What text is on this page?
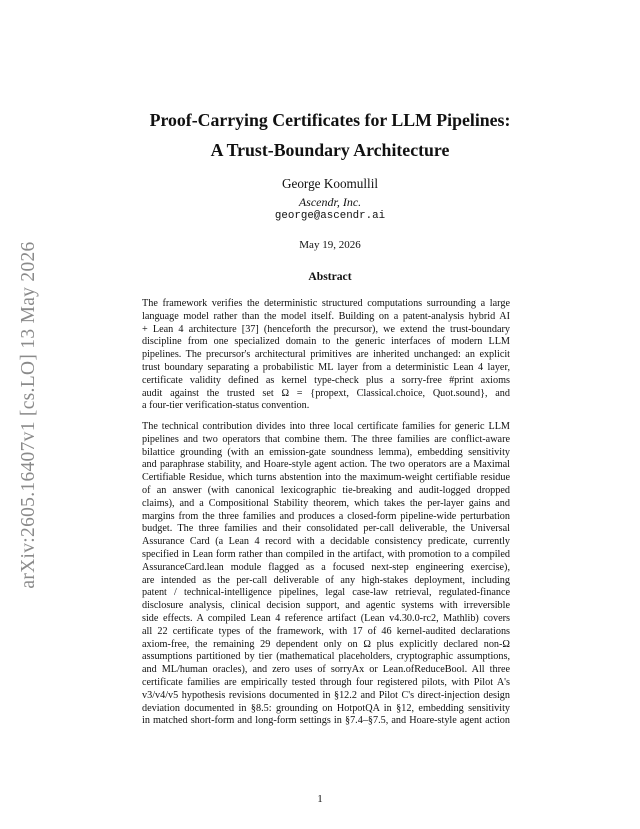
arXiv:2605.16407v1 [cs.LO] 13 May 2026
Proof-Carrying Certificates for LLM Pipelines:
A Trust-Boundary Architecture
George Koomullil
Ascendr, Inc.
george@ascendr.ai
May 19, 2026
Abstract
The framework verifies the deterministic structured computations surrounding a large
language model rather than the model itself. Building on a patent-analysis hybrid AI
+ Lean 4 architecture [37] (henceforth the precursor), we extend the trust-boundary
discipline from one specialized domain to the generic interfaces of modern LLM
pipelines. The precursor's architectural primitives are inherited unchanged: an explicit
trust boundary separating a probabilistic ML layer from a deterministic Lean 4 layer,
certificate validity defined as kernel type-check plus a sorry-free #print axioms
audit against the trusted set Ω = {propext, Classical.choice, Quot.sound}, and
a four-tier verification-status convention.
The technical contribution divides into three local certificate families for generic LLM
pipelines and two operators that combine them. The three families are conflict-aware
bilattice grounding (with an emission-gate soundness lemma), embedding sensitivity
and paraphrase stability, and Hoare-style agent action. The two operators are a Maximal
Certifiable Residue, which turns abstention into the maximum-weight certifiable residue
of an answer (with canonical lexicographic tie-breaking and audit-logged dropped
claims), and a Compositional Stability theorem, which takes the per-layer gains and
margins from the three families and produces a closed-form pipeline-wide perturbation
budget. The three families and their consolidated per-call deliverable, the Universal
Assurance Card (a Lean 4 record with a decidable consistency predicate, currently
specified in Lean form rather than compiled in the artifact, with promotion to a compiled
AssuranceCard.lean module flagged as a focused next-step engineering exercise),
are intended as the per-call deliverable of any high-stakes deployment, including
patent / technical-intelligence pipelines, legal case-law retrieval, regulated-finance
disclosure analysis, clinical decision support, and agentic systems with irreversible
side effects. A compiled Lean 4 reference artifact (Lean v4.30.0-rc2, Mathlib) covers
all 22 certificate types of the framework, with 17 of 46 kernel-audited declarations
axiom-free, the remaining 29 dependent only on Ω plus explicitly declared non-Ω
assumptions partitioned by tier (mathematical placeholders, cryptographic assumptions,
and ML/human oracles), and zero uses of sorryAx or Lean.ofReduceBool. All three
certificate families are empirically tested through four registered pilots, with Pilot A's
v3/v4/v5 hypothesis revisions documented in §12.2 and Pilot C's direct-injection design
deviation documented in §8.5: grounding on HotpotQA in §12, embedding sensitivity
in matched short-form and long-form settings in §7.4–§7.5, and Hoare-style agent action
1
